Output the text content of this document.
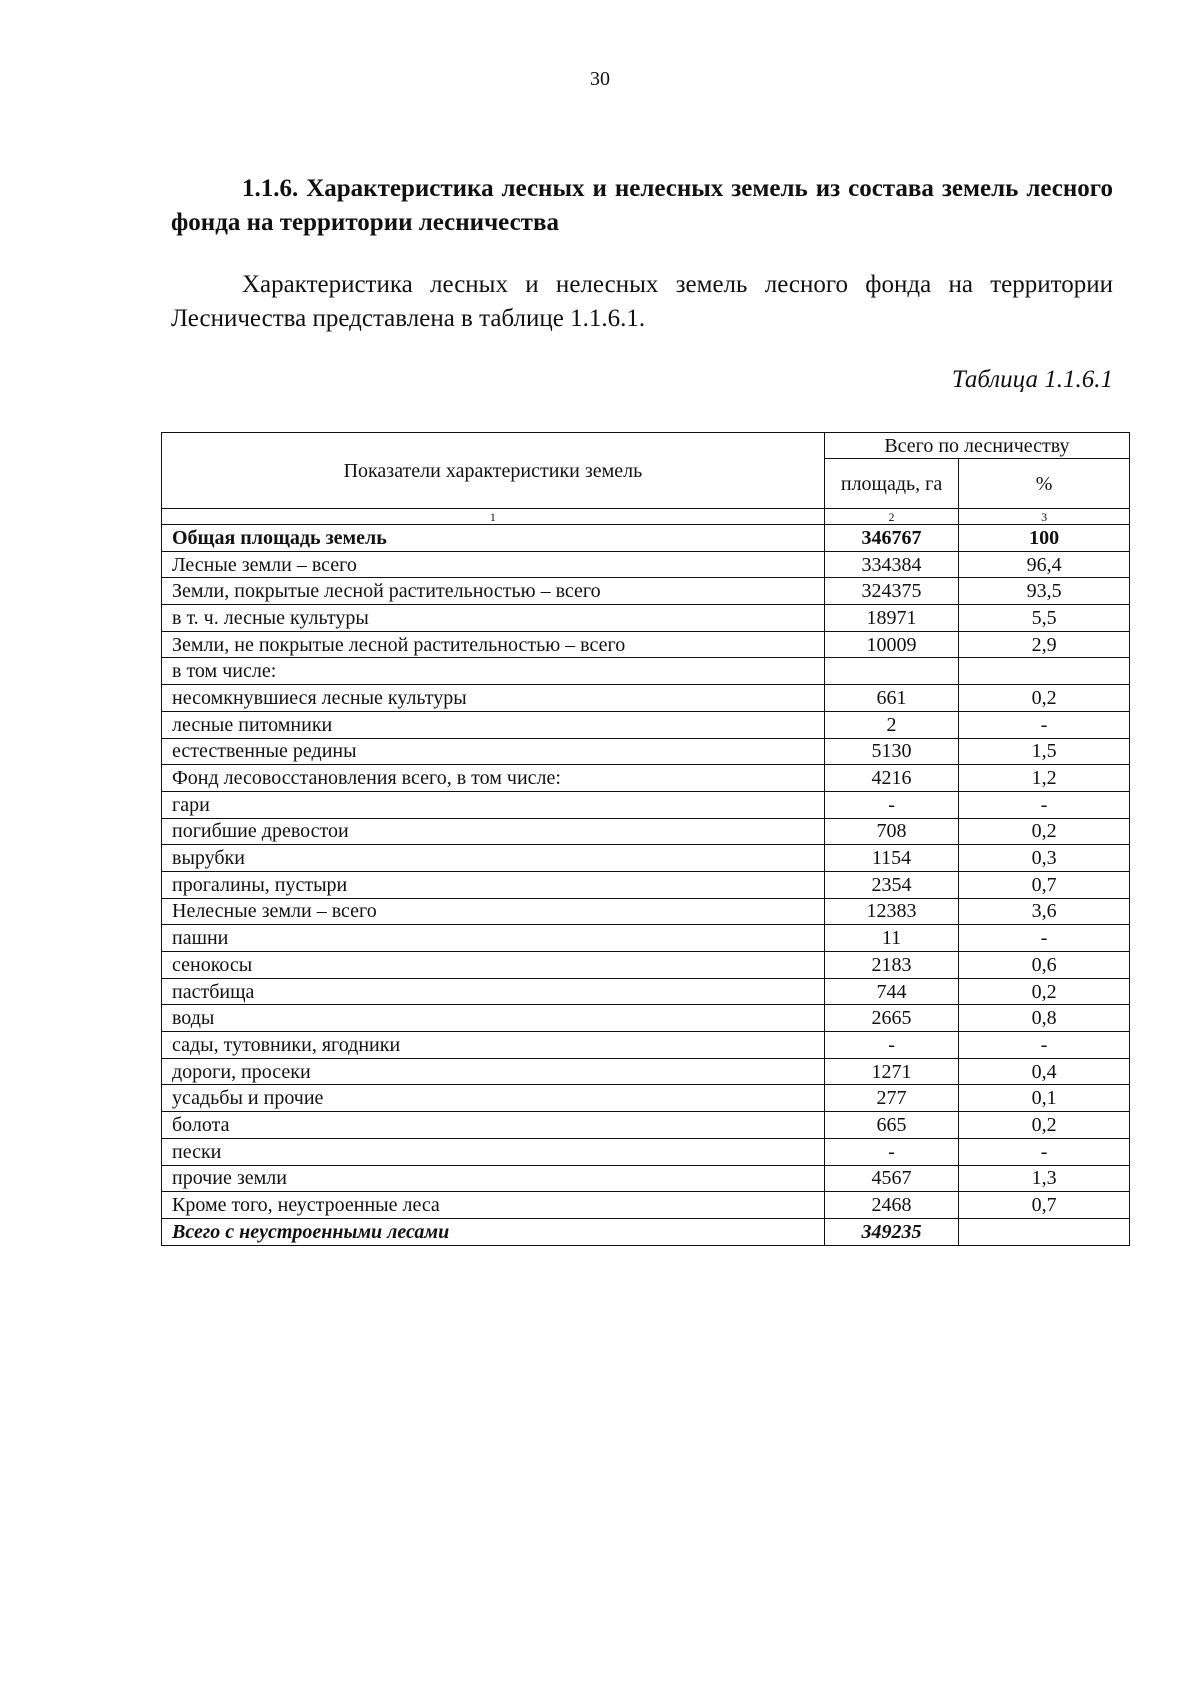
30
1.1.6. Характеристика лесных и нелесных земель из состава земель лесного фонда на территории лесничества
Характеристика лесных и нелесных земель лесного фонда на территории Лесничества представлена в таблице 1.1.6.1.
Таблица 1.1.6.1
Показатели характеристики земель	Всего по лесничеству	
	площадь, га	%
1	2	3
Общая площадь земель	346767	100
Лесные земли – всего	334384	96,4
Земли, покрытые лесной растительностью – всего	324375	93,5
в т. ч. лесные культуры	18971	5,5
Земли, не покрытые лесной растительностью – всего	10009	2,9
в том числе:		
несомкнувшиеся лесные культуры	661	0,2
лесные питомники	2	-
естественные редины	5130	1,5
Фонд лесовосстановления всего, в том числе:	4216	1,2
гари	-	-
погибшие древостои	708	0,2
вырубки	1154	0,3
прогалины, пустыри	2354	0,7
Нелесные земли – всего	12383	3,6
пашни	11	-
сенокосы	2183	0,6
пастбища	744	0,2
воды	2665	0,8
сады, тутовники, ягодники	-	-
дороги, просеки	1271	0,4
усадьбы и прочие	277	0,1
болота	665	0,2
пески	-	-
прочие земли	4567	1,3
Кроме того, неустроенные леса	2468	0,7
Всего с неустроенными лесами	349235	
